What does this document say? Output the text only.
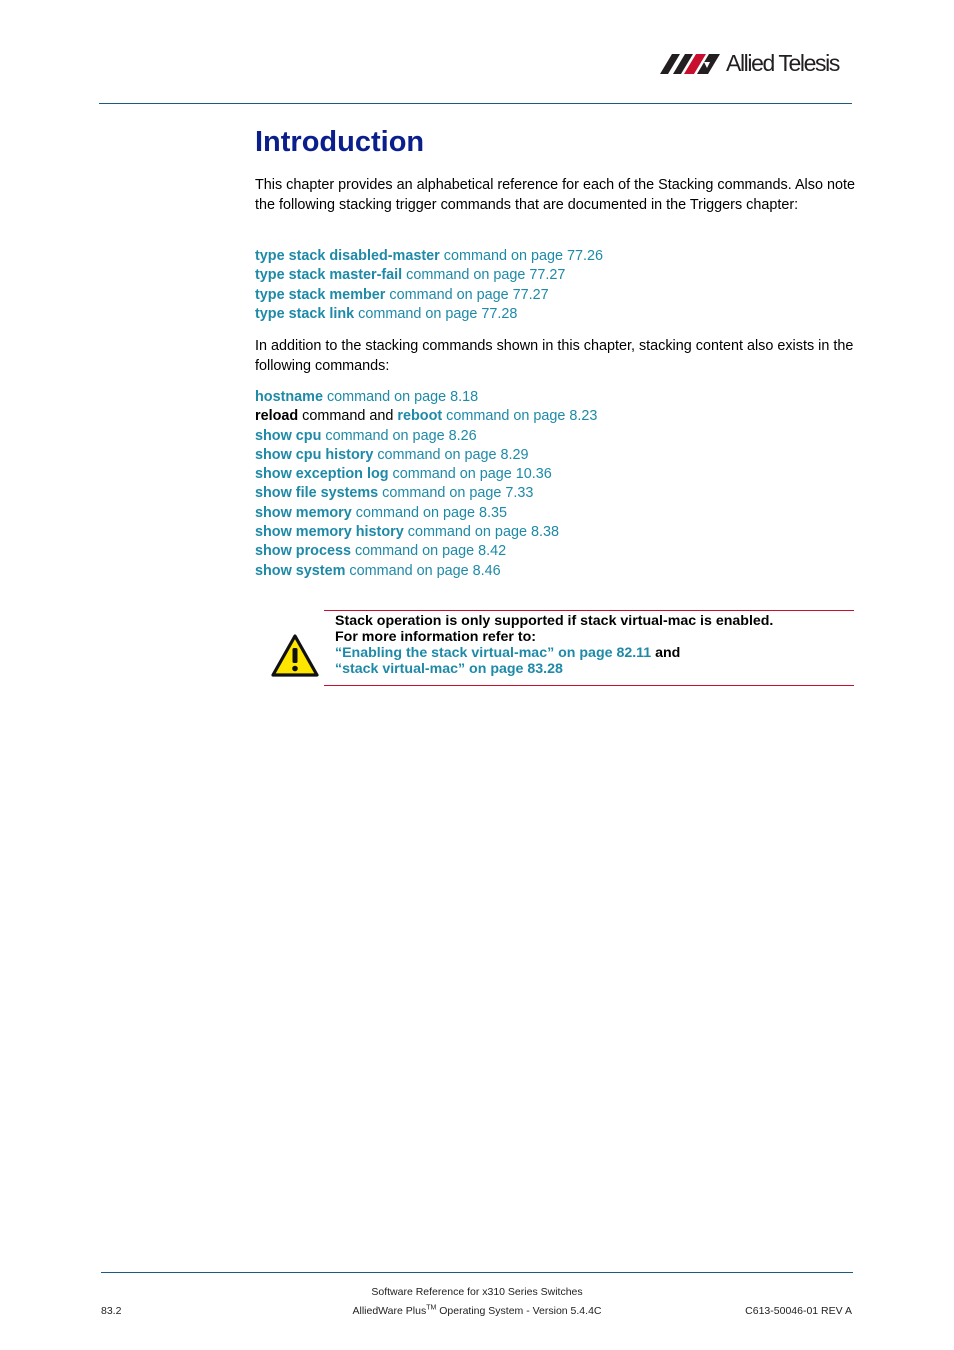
Allied Telesis
Introduction

This chapter provides an alphabetical reference for each of the Stacking commands. Also note the following stacking trigger commands that are documented in the Triggers chapter:

type stack disabled-master command on page 77.26
type stack master-fail command on page 77.27
type stack member command on page 77.27
type stack link command on page 77.28

In addition to the stacking commands shown in this chapter, stacking content also exists in the following commands:

hostname command on page 8.18
reload command and reboot command on page 8.23
show cpu command on page 8.26
show cpu history command on page 8.29
show exception log command on page 10.36
show file systems command on page 7.33
show memory command on page 8.35
show memory history command on page 8.38
show process command on page 8.42
show system command on page 8.46
Stack operation is only supported if stack virtual-mac is enabled.
For more information refer to:
“Enabling the stack virtual-mac” on page 82.11 and
“stack virtual-mac” on page 83.28
Software Reference for x310 Series Switches
83.2	AlliedWare Plus™ Operating System - Version 5.4.4C	C613-50046-01 REV A
